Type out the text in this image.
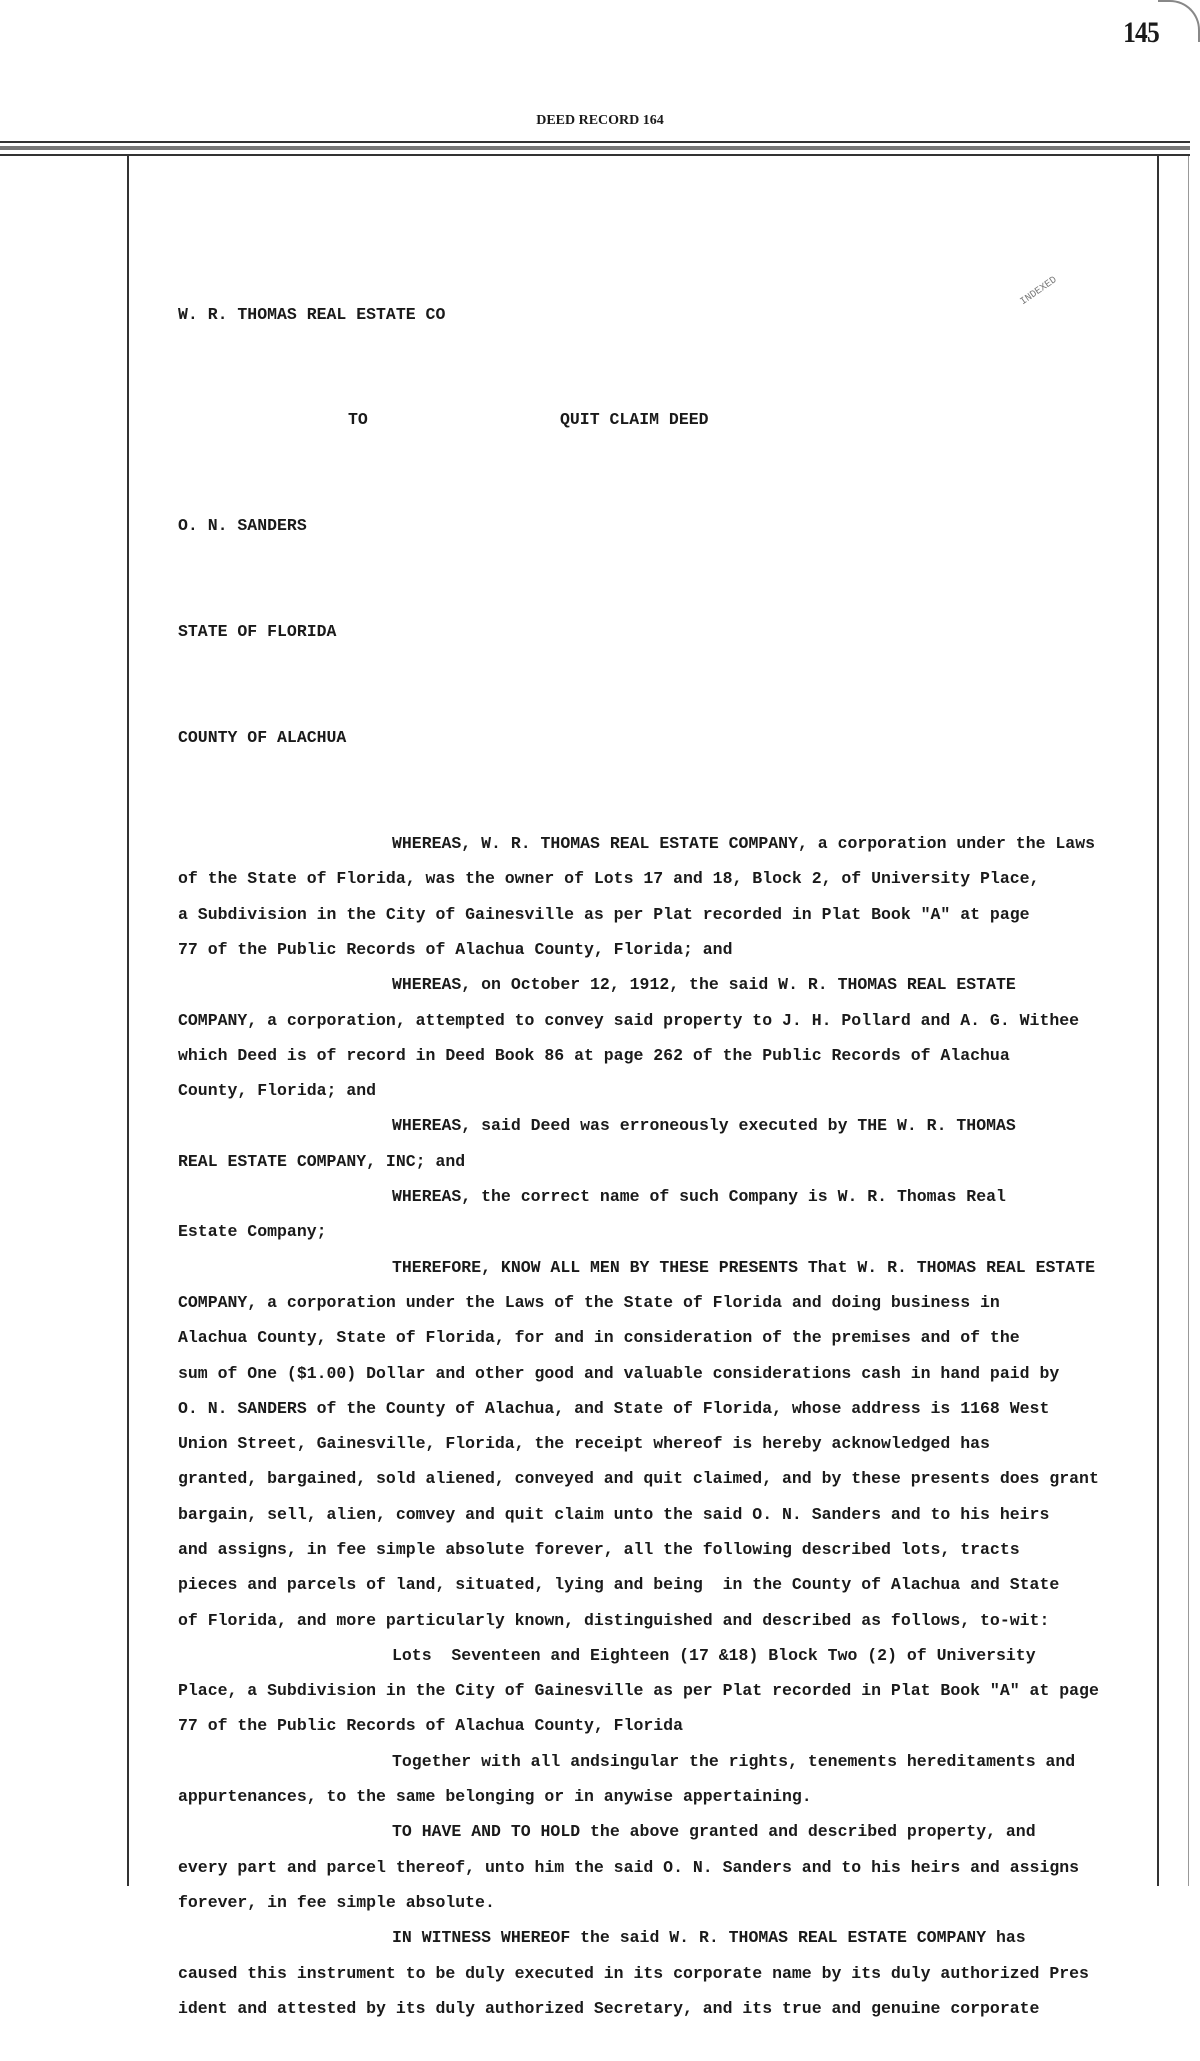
145
DEED RECORD 164
INDEXED

W. R. THOMAS REAL ESTATE CO

TO	QUIT CLAIM DEED

O. N. SANDERS

STATE OF FLORIDA

COUNTY OF ALACHUA

WHEREAS, W. R. THOMAS REAL ESTATE COMPANY, a corporation under the Laws
of the State of Florida, was the owner of Lots 17 and 18, Block 2, of University Place,
a Subdivision in the City of Gainesville as per Plat recorded in Plat Book "A" at page
77 of the Public Records of Alachua County, Florida; and
WHEREAS, on October 12, 1912, the said W. R. THOMAS REAL ESTATE
COMPANY, a corporation, attempted to convey said property to J. H. Pollard and A. G. Withee
which Deed is of record in Deed Book 86 at page 262 of the Public Records of Alachua
County, Florida; and
WHEREAS, said Deed was erroneously executed by THE W. R. THOMAS
REAL ESTATE COMPANY, INC; and
WHEREAS, the correct name of such Company is W. R. Thomas Real
Estate Company;
THEREFORE, KNOW ALL MEN BY THESE PRESENTS That W. R. THOMAS REAL ESTATE
COMPANY, a corporation under the Laws of the State of Florida and doing business in
Alachua County, State of Florida, for and in consideration of the premises and of the
sum of One ($1.00) Dollar and other good and valuable considerations cash in hand paid by
O. N. SANDERS of the County of Alachua, and State of Florida, whose address is 1168 West
Union Street, Gainesville, Florida, the receipt whereof is hereby acknowledged has
granted, bargained, sold aliened, conveyed and quit claimed, and by these presents does grant
bargain, sell, alien, comvey and quit claim unto the said O. N. Sanders and to his heirs
and assigns, in fee simple absolute forever, all the following described lots, tracts
pieces and parcels of land, situated, lying and being  in the County of Alachua and State
of Florida, and more particularly known, distinguished and described as follows, to-wit:
Lots  Seventeen and Eighteen (17 &18) Block Two (2) of University
Place, a Subdivision in the City of Gainesville as per Plat recorded in Plat Book "A" at page
77 of the Public Records of Alachua County, Florida
Together with all andsingular the rights, tenements hereditaments and
appurtenances, to the same belonging or in anywise appertaining.
TO HAVE AND TO HOLD the above granted and described property, and
every part and parcel thereof, unto him the said O. N. Sanders and to his heirs and assigns
forever, in fee simple absolute.
IN WITNESS WHEREOF the said W. R. THOMAS REAL ESTATE COMPANY has
caused this instrument to be duly executed in its corporate name by its duly authorized Pres
ident and attested by its duly authorized Secretary, and its true and genuine corporate
